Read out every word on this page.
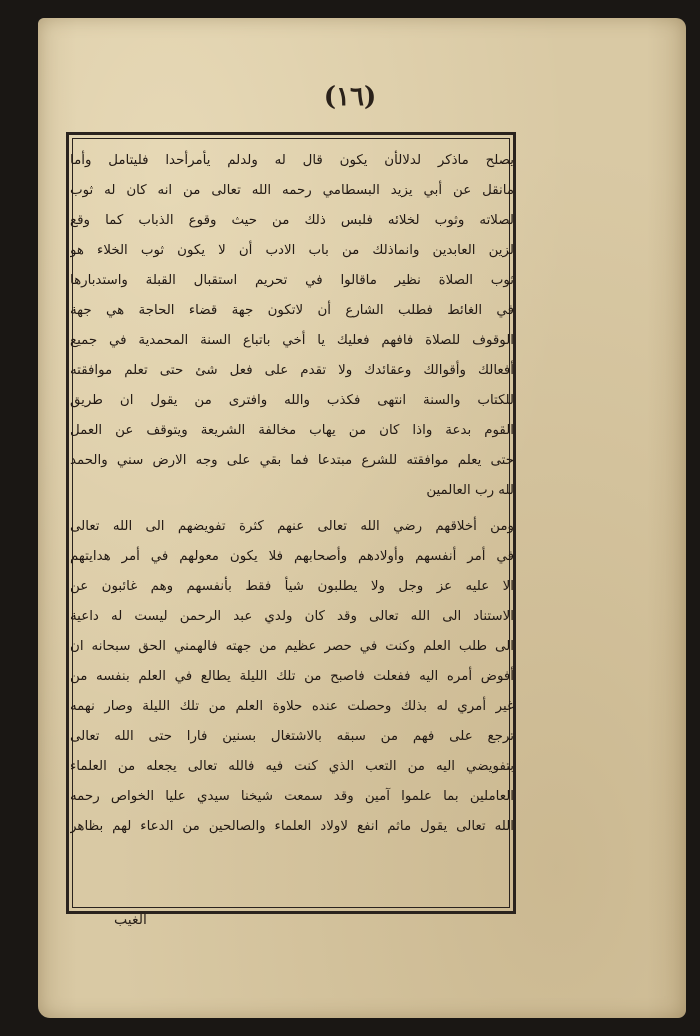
(١٦)

يصلح ماذكر لدلالأن يكون قال له ولدلم يأمرأحدا فليتامل وأما

مانقل عن أبي يزيد البسطامي رحمه الله تعالى من انه كان له ثوب

لصلاته وثوب لخلائه فلبس ذلك من حيث وقوع الذباب كما وقع

لزين العابدين وانماذلك من باب الادب أن لا يكون ثوب الخلاء هو

ثوب الصلاة نظير ماقالوا في تحريم استقبال القبلة واستدبارها

في الغائط فطلب الشارع أن لاتكون جهة قضاء الحاجة هي جهة

الوقوف للصلاة فافهم فعليك يا أخي باتباع السنة المحمدية في جميع

أفعالك وأقوالك وعقائدك ولا تقدم على فعل شئ حتى تعلم موافقته

للكتاب والسنة انتهى فكذب والله وافترى من يقول ان طريق

القوم بدعة واذا كان من يهاب مخالفة الشريعة ويتوقف عن العمل

حتى يعلم موافقته للشرع مبتدعا فما بقي على وجه الارض سني والحمد

لله رب العالمين

ومن أخلاقهم رضي الله تعالى عنهم كثرة تفويضهم الى الله تعالى

في أمر أنفسهم وأولادهم وأصحابهم فلا يكون معولهم في أمر هدايتهم

الا عليه عز وجل ولا يطلبون شيأ فقط بأنفسهم وهم غائبون عن

الاستناد الى الله تعالى وقد كان ولدي عبد الرحمن ليست له داعية

الى طلب العلم وكنت في حصر عظيم من جهته فالهمني الحق سبحانه ان

أفوض أمره اليه ففعلت فاصبح من تلك الليلة يطالع في العلم بنفسه من

غير أمري له بذلك وحصلت عنده حلاوة العلم من تلك الليلة وصار نهمه

ترجع على فهم من سبقه بالاشتغال بسنين فارا حتى الله تعالى

بتفويضي اليه من التعب الذي كنت فيه فالله تعالى يجعله من العلماء

العاملين بما علموا آمين وقد سمعت شيخنا سيدي عليا الخواص رحمه

الله تعالى يقول ماثم انفع لاولاد العلماء والصالحين من الدعاء لهم بظاهر

الغيب
